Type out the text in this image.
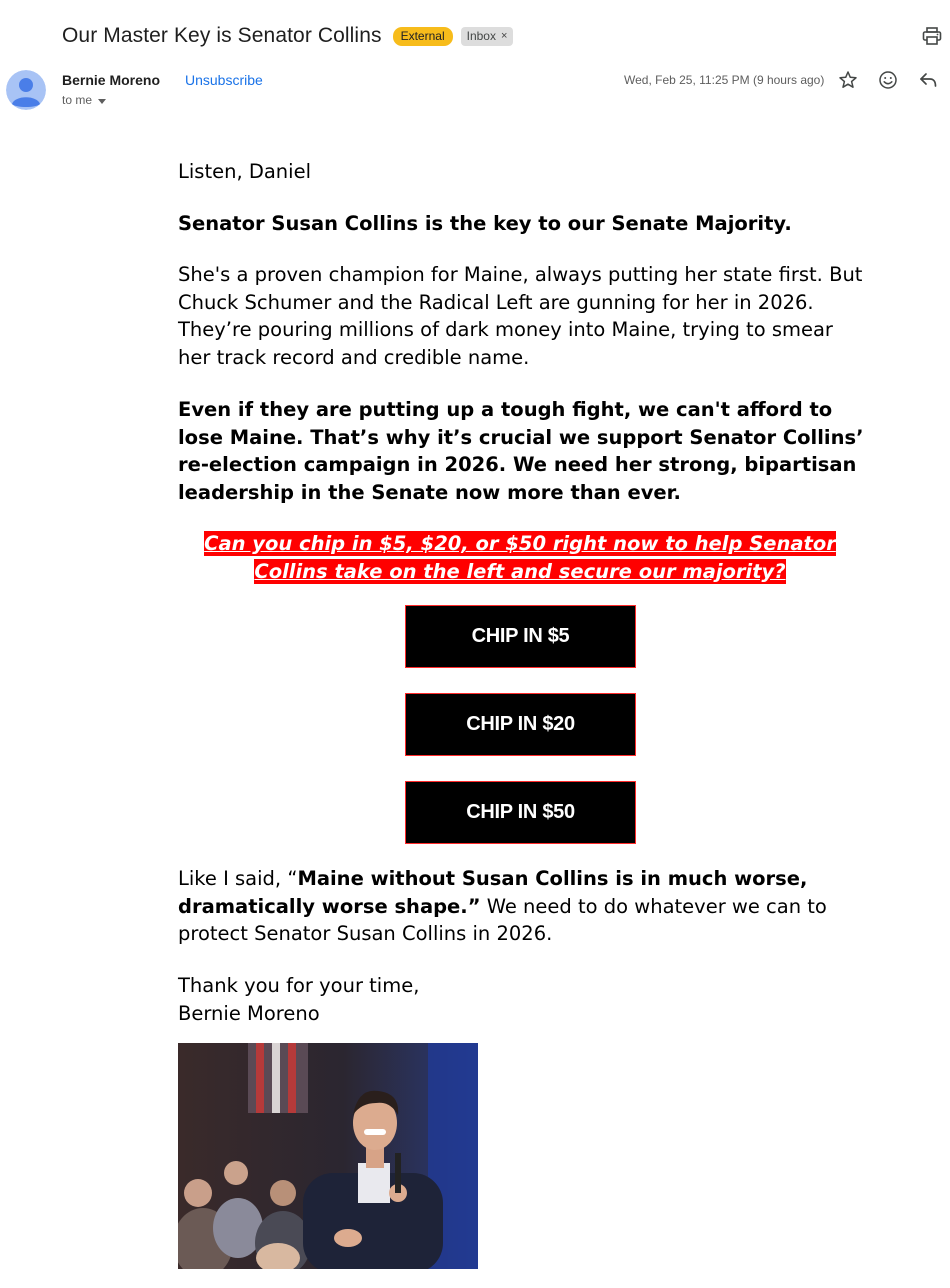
Our Master Key is Senator Collins	External	Inbox ×
Bernie Moreno Unsubscribe
to me
Wed, Feb 25, 11:25 PM (9 hours ago)

Listen, Daniel

Senator Susan Collins is the key to our Senate Majority.

She's a proven champion for Maine, always putting her state first. But Chuck Schumer and the Radical Left are gunning for her in 2026. They’re pouring millions of dark money into Maine, trying to smear her track record and credible name.

Even if they are putting up a tough fight, we can't afford to lose Maine. That’s why it’s crucial we support Senator Collins’ re-election campaign in 2026. We need her strong, bipartisan leadership in the Senate now more than ever.

Can you chip in $5, $20, or $50 right now to help Senator Collins take on the left and secure our majority?
CHIP IN $5
CHIP IN $20
CHIP IN $50

Like I said, “Maine without Susan Collins is in much worse, dramatically worse shape.” We need to do whatever we can to protect Senator Susan Collins in 2026.

Thank you for your time,

Bernie Moreno
